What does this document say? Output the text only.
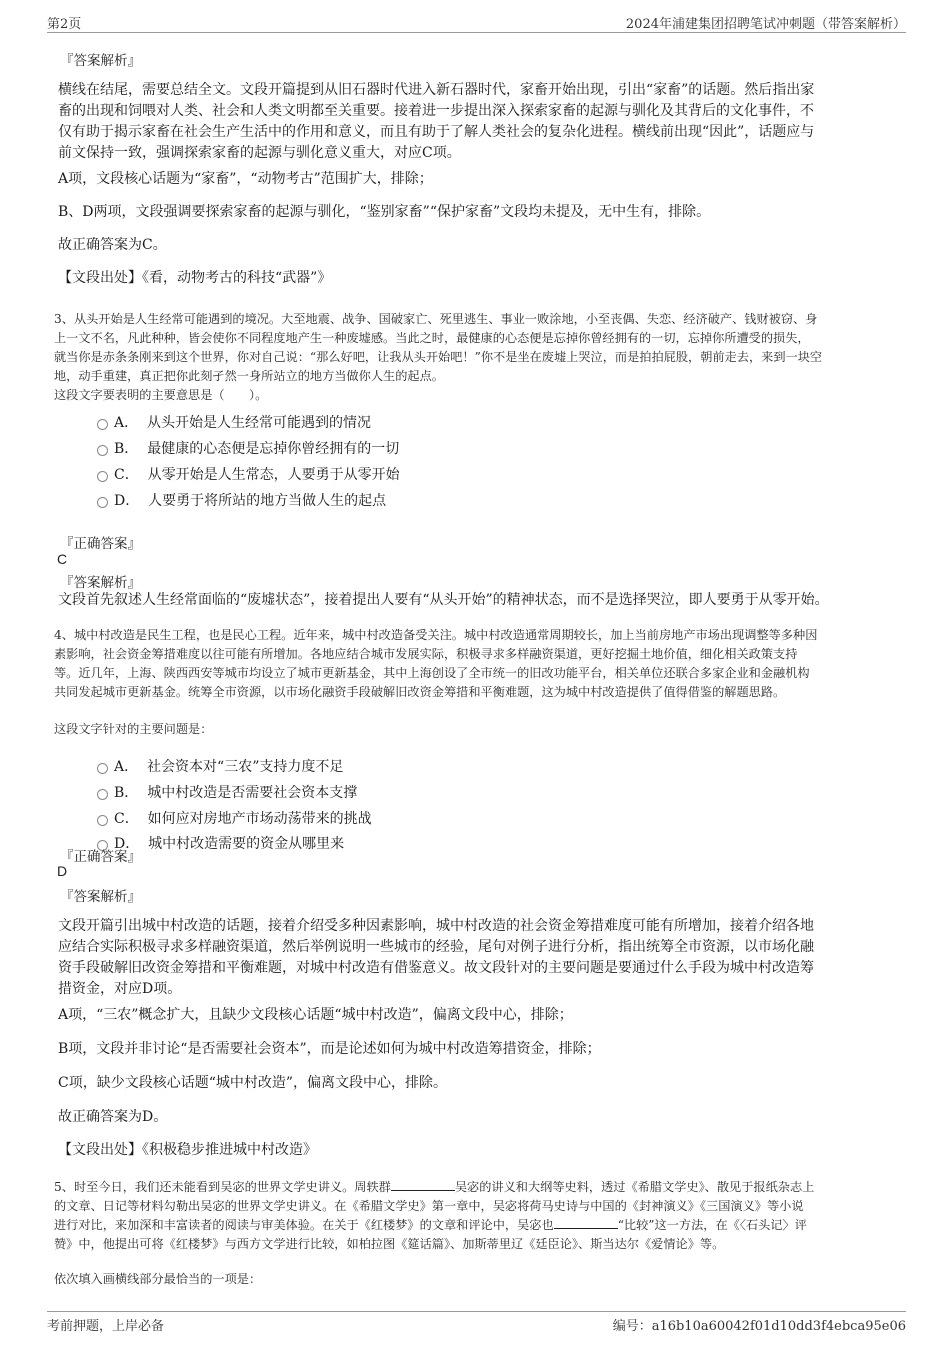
第2页	2024年浦建集团招聘笔试冲刺题（带答案解析）
『答案解析』
横线在结尾，需要总结全文。文段开篇提到从旧石器时代进入新石器时代，家畜开始出现，引出“家畜”的话题。然后指出家
畜的出现和饲喂对人类、社会和人类文明都至关重要。接着进一步提出深入探索家畜的起源与驯化及其背后的文化事件，不
仅有助于揭示家畜在社会生产生活中的作用和意义，而且有助于了解人类社会的复杂化进程。横线前出现“因此”，话题应与
前文保持一致，强调探索家畜的起源与驯化意义重大，对应C项。
A项，文段核心话题为“家畜”，“动物考古”范围扩大，排除；
B、D两项，文段强调要探索家畜的起源与驯化，“鉴别家畜”“保护家畜”文段均未提及，无中生有，排除。
故正确答案为C。
【文段出处】《看，动物考古的科技“武器”》
3、从头开始是人生经常可能遇到的境况。大至地震、战争、国破家亡、死里逃生、事业一败涂地，小至丧偶、失恋、经济破产、钱财被窃、身
上一文不名，凡此种种，皆会使你不同程度地产生一种废墟感。当此之时，最健康的心态便是忘掉你曾经拥有的一切，忘掉你所遭受的损失，
就当你是赤条条刚来到这个世界，你对自己说：“那么好吧，让我从头开始吧！”你不是坐在废墟上哭泣，而是拍拍屁股，朝前走去，来到一块空
地，动手重建，真正把你此刻孑然一身所站立的地方当做你人生的起点。
这段文字要表明的主要意思是（　　）。
A． 从头开始是人生经常可能遇到的情况
B． 最健康的心态便是忘掉你曾经拥有的一切
C． 从零开始是人生常态，人要勇于从零开始
D． 人要勇于将所站的地方当做人生的起点
『正确答案』
C
『答案解析』
文段首先叙述人生经常面临的“废墟状态”，接着提出人要有“从头开始”的精神状态，而不是选择哭泣，即人要勇于从零开始。
4、城中村改造是民生工程，也是民心工程。近年来，城中村改造备受关注。城中村改造通常周期较长，加上当前房地产市场出现调整等多种因
素影响，社会资金筹措难度以往可能有所增加。各地应结合城市发展实际，积极寻求多样融资渠道，更好挖掘土地价值，细化相关政策支持
等。近几年，上海、陕西西安等城市均设立了城市更新基金，其中上海创设了全市统一的旧改功能平台，相关单位还联合多家企业和金融机构
共同发起城市更新基金。统筹全市资源，以市场化融资手段破解旧改资金筹措和平衡难题，这为城中村改造提供了值得借鉴的解题思路。
这段文字针对的主要问题是：
A． 社会资本对“三农”支持力度不足
B． 城中村改造是否需要社会资本支撑
C． 如何应对房地产市场动荡带来的挑战
D． 城中村改造需要的资金从哪里来
『正确答案』
D
『答案解析』
文段开篇引出城中村改造的话题，接着介绍受多种因素影响，城中村改造的社会资金筹措难度可能有所增加，接着介绍各地
应结合实际积极寻求多样融资渠道，然后举例说明一些城市的经验，尾句对例子进行分析，指出统筹全市资源，以市场化融
资手段破解旧改资金筹措和平衡难题，对城中村改造有借鉴意义。故文段针对的主要问题是要通过什么手段为城中村改造筹
措资金，对应D项。
A项，“三农”概念扩大，且缺少文段核心话题“城中村改造”，偏离文段中心，排除；
B项，文段并非讨论“是否需要社会资本”，而是论述如何为城中村改造筹措资金，排除；
C项，缺少文段核心话题“城中村改造”，偏离文段中心，排除。
故正确答案为D。
【文段出处】《积极稳步推进城中村改造》
5、时至今日，我们还未能看到吴宓的世界文学史讲义。周轶群	吴宓的讲义和大纲等史料，透过《希腊文学史》、散见于报纸杂志上
的文章、日记等材料勾勒出吴宓的世界文学史讲义。在《希腊文学史》第一章中，吴宓将荷马史诗与中国的《封神演义》《三国演义》等小说
进行对比，来加深和丰富读者的阅读与审美体验。在关于《红楼梦》的文章和评论中，吴宓也	“比较”这一方法，在《〈石头记〉评
赞》中，他提出可将《红楼梦》与西方文学进行比较，如柏拉图《筵话篇》、加斯蒂里辽《廷臣论》、斯当达尔《爱情论》等。
依次填入画横线部分最恰当的一项是：
考前押题，上岸必备	编号：a16b10a60042f01d10dd3f4ebca95e06
